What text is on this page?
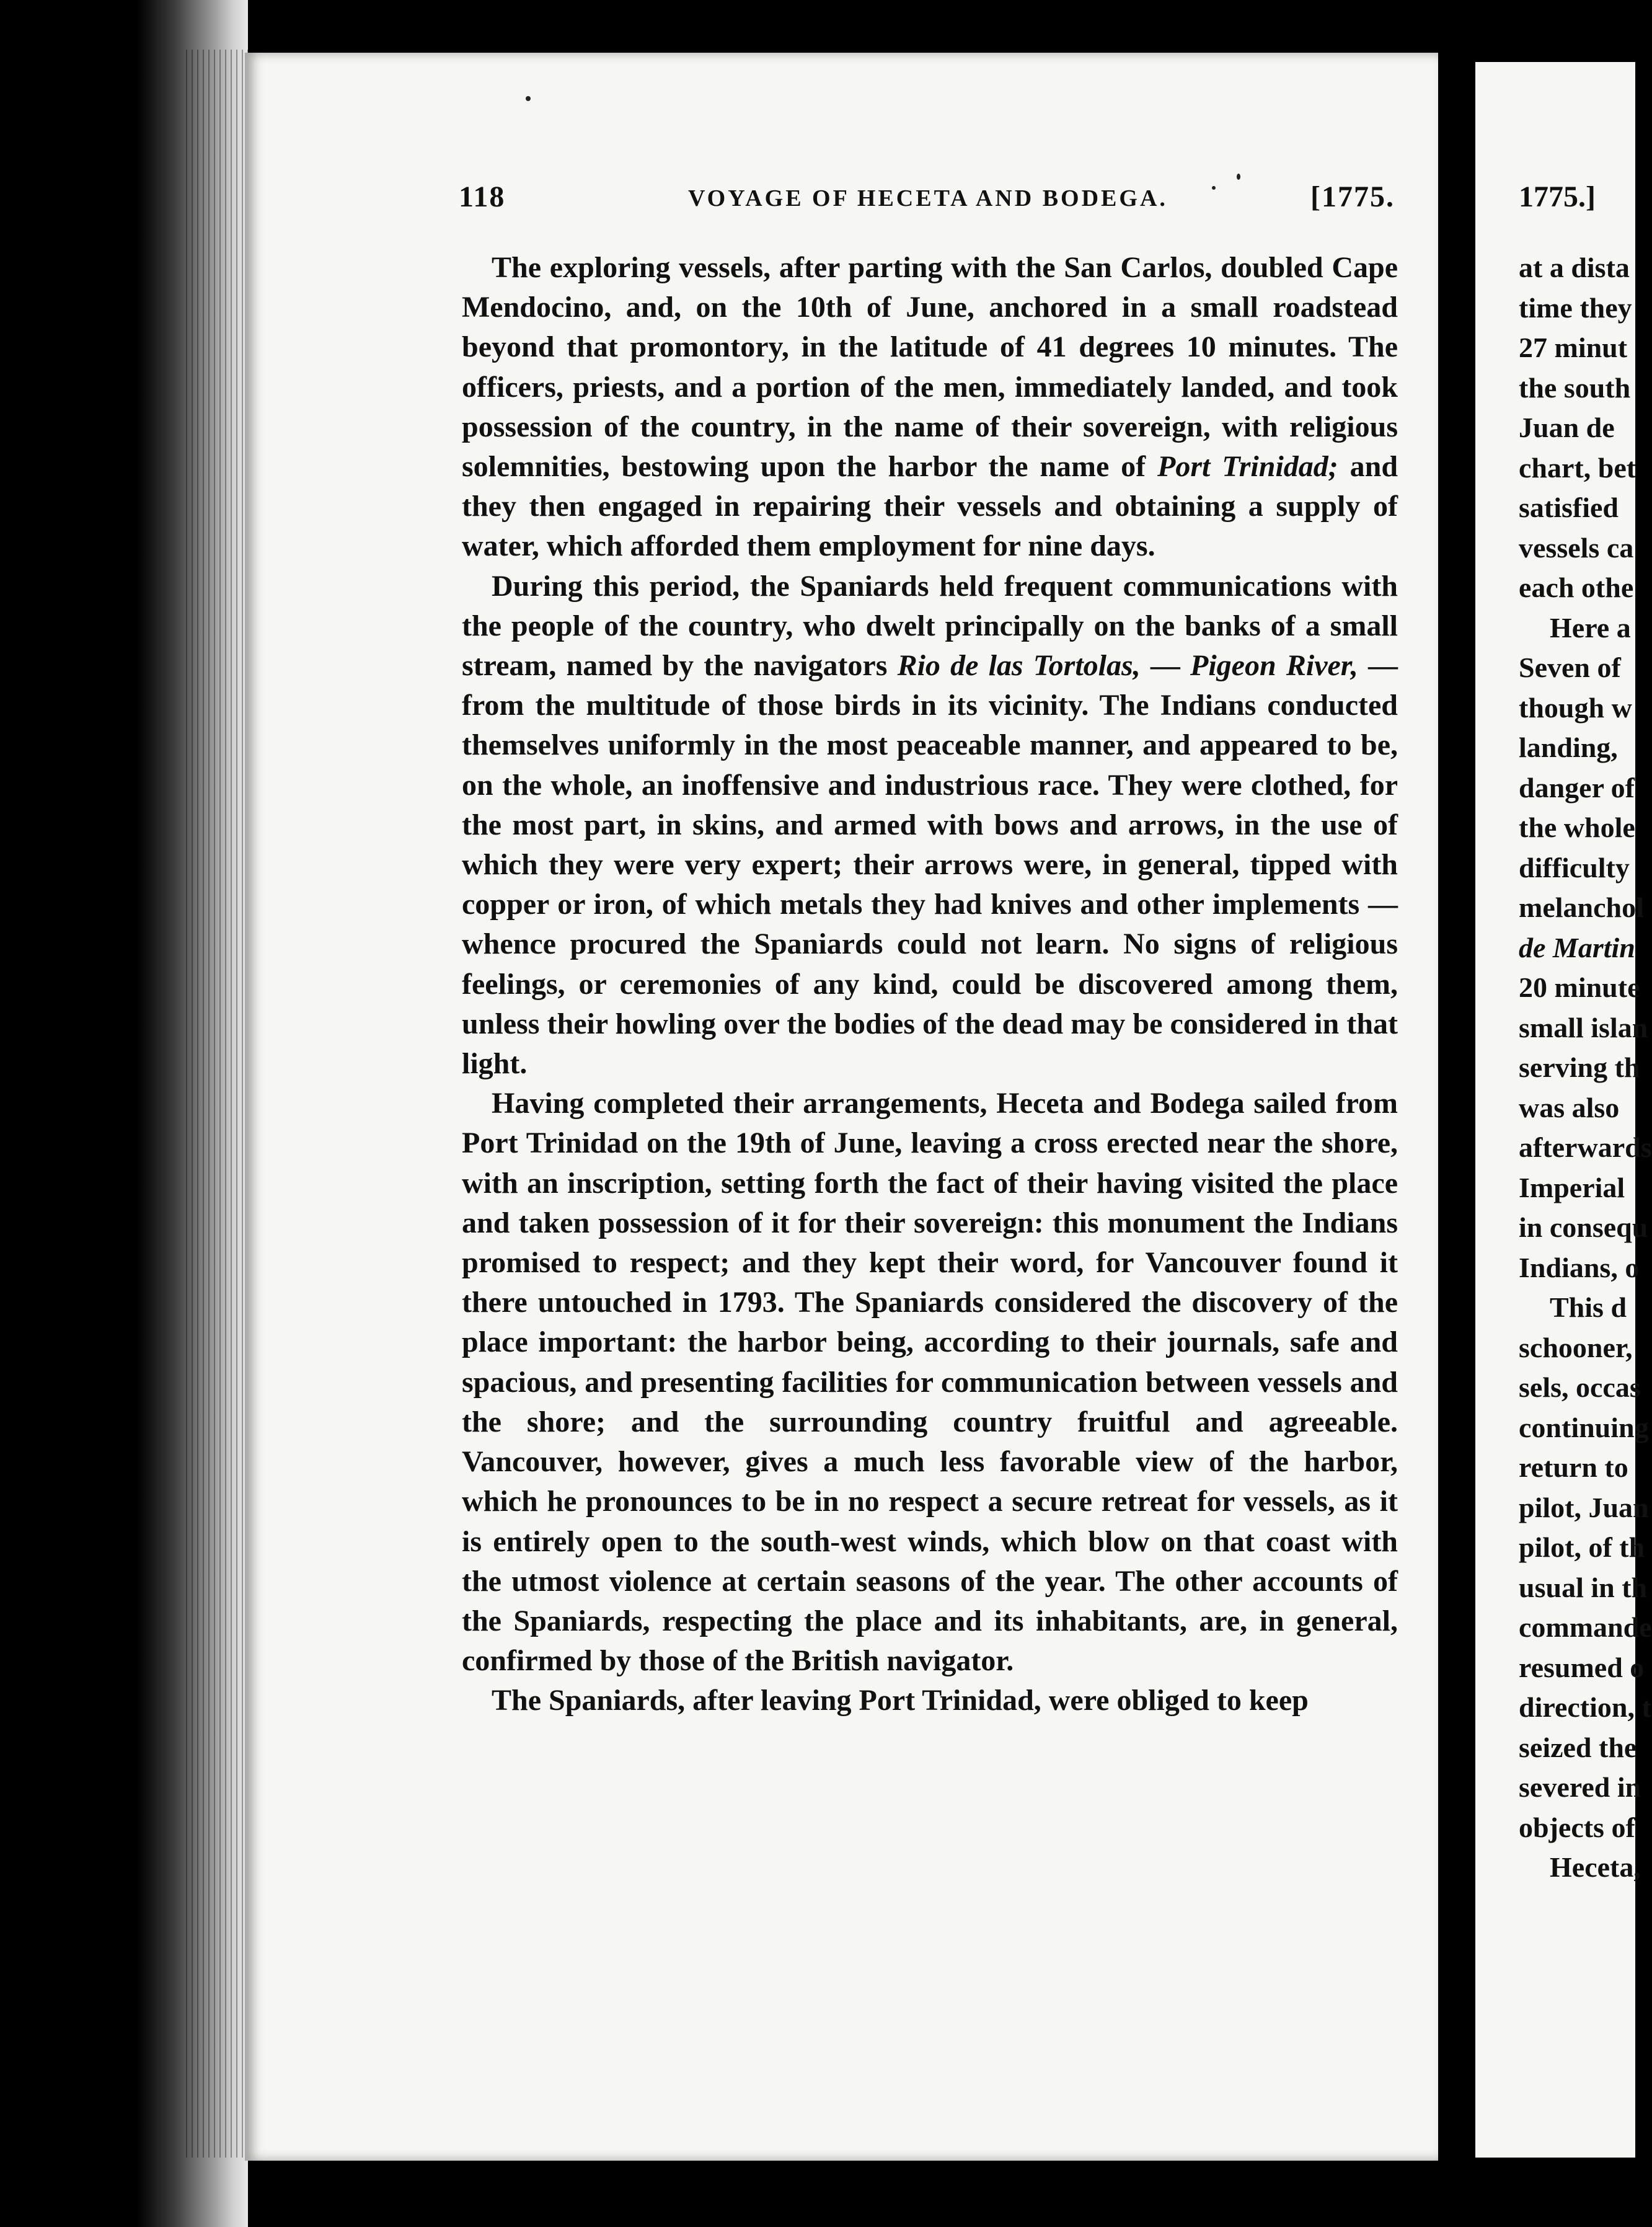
1775.]
at a dista
time they
27 minut
the south
Juan de
chart, bet
satisfied
vessels ca
each othe
Here a
Seven of
though w
landing,
danger of
the whole
difficulty
melanchol
de Martin
20 minute
small islan
serving th
was also
afterwards
Imperial
in consequ
Indians, o
This d
schooner,
sels, occas
continuing
return to
pilot, Juan
pilot, of th
usual in th
commande
resumed o
direction, t
seized the
severed in
objects of
Heceta,
118	VOYAGE OF HECETA AND BODEGA.	[1775.

The exploring vessels, after parting with the San Carlos, doubled Cape Mendocino, and, on the 10th of June, anchored in a small roadstead beyond that promontory, in the latitude of 41 degrees 10 minutes. The officers, priests, and a portion of the men, immediately landed, and took possession of the country, in the name of their sovereign, with religious solemnities, bestowing upon the harbor the name of Port Trinidad; and they then engaged in repairing their vessels and obtaining a supply of water, which afforded them employment for nine days.

During this period, the Spaniards held frequent communications with the people of the country, who dwelt principally on the banks of a small stream, named by the navigators Rio de las Tortolas, — Pigeon River, — from the multitude of those birds in its vicinity. The Indians conducted themselves uniformly in the most peaceable manner, and appeared to be, on the whole, an inoffensive and industrious race. They were clothed, for the most part, in skins, and armed with bows and arrows, in the use of which they were very expert; their arrows were, in general, tipped with copper or iron, of which metals they had knives and other implements — whence procured the Spaniards could not learn. No signs of religious feelings, or ceremonies of any kind, could be discovered among them, unless their howling over the bodies of the dead may be considered in that light.

Having completed their arrangements, Heceta and Bodega sailed from Port Trinidad on the 19th of June, leaving a cross erected near the shore, with an inscription, setting forth the fact of their having visited the place and taken possession of it for their sovereign: this monument the Indians promised to respect; and they kept their word, for Vancouver found it there untouched in 1793. The Spaniards considered the discovery of the place important: the harbor being, according to their journals, safe and spacious, and presenting facilities for communication between vessels and the shore; and the surrounding country fruitful and agreeable. Vancouver, however, gives a much less favorable view of the harbor, which he pronounces to be in no respect a secure retreat for vessels, as it is entirely open to the south-west winds, which blow on that coast with the utmost violence at certain seasons of the year. The other accounts of the Spaniards, respecting the place and its inhabitants, are, in general, confirmed by those of the British navigator.

The Spaniards, after leaving Port Trinidad, were obliged to keep
